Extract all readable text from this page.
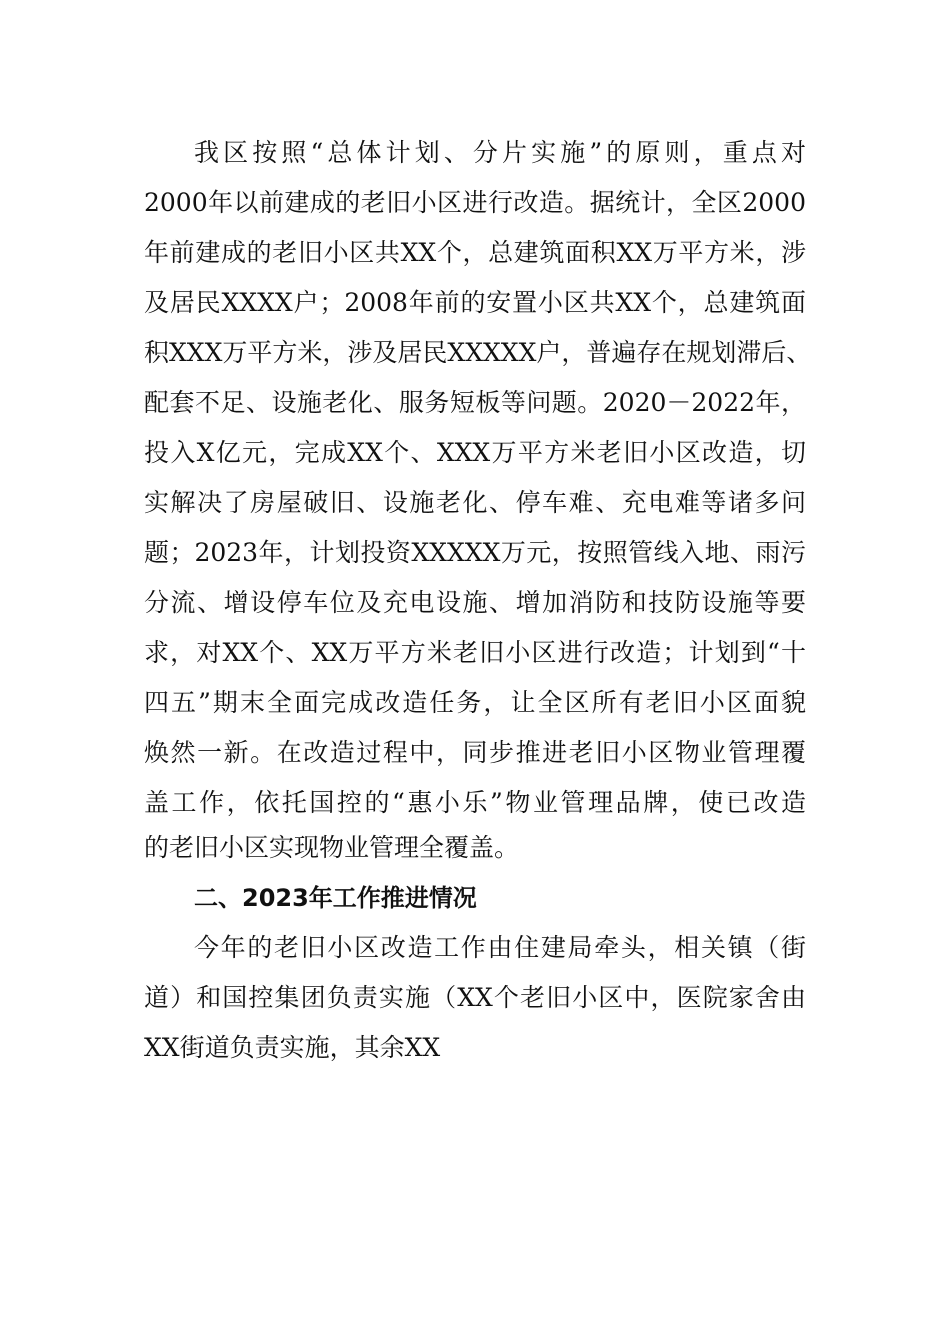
我区按照“总体计划、分片实施”的原则，重点对
2000年以前建成的老旧小区进行改造。据统计，全区2000
年前建成的老旧小区共XX个，总建筑面积XX万平方米，涉
及居民XXXX户；2008年前的安置小区共XX个，总建筑面
积XXX万平方米，涉及居民XXXXX户，普遍存在规划滞后、
配套不足、设施老化、服务短板等问题。2020－2022年，
投入X亿元，完成XX个、XXX万平方米老旧小区改造，切
实解决了房屋破旧、设施老化、停车难、充电难等诸多问
题；2023年，计划投资XXXXX万元，按照管线入地、雨污
分流、增设停车位及充电设施、增加消防和技防设施等要
求，对XX个、XX万平方米老旧小区进行改造；计划到“十
四五”期末全面完成改造任务，让全区所有老旧小区面貌
焕然一新。在改造过程中，同步推进老旧小区物业管理覆
盖工作，依托国控的“惠小乐”物业管理品牌，使已改造
的老旧小区实现物业管理全覆盖。
二、2023年工作推进情况
今年的老旧小区改造工作由住建局牵头，相关镇（街
道）和国控集团负责实施（XX个老旧小区中，医院家舍由
XX街道负责实施，其余XX
